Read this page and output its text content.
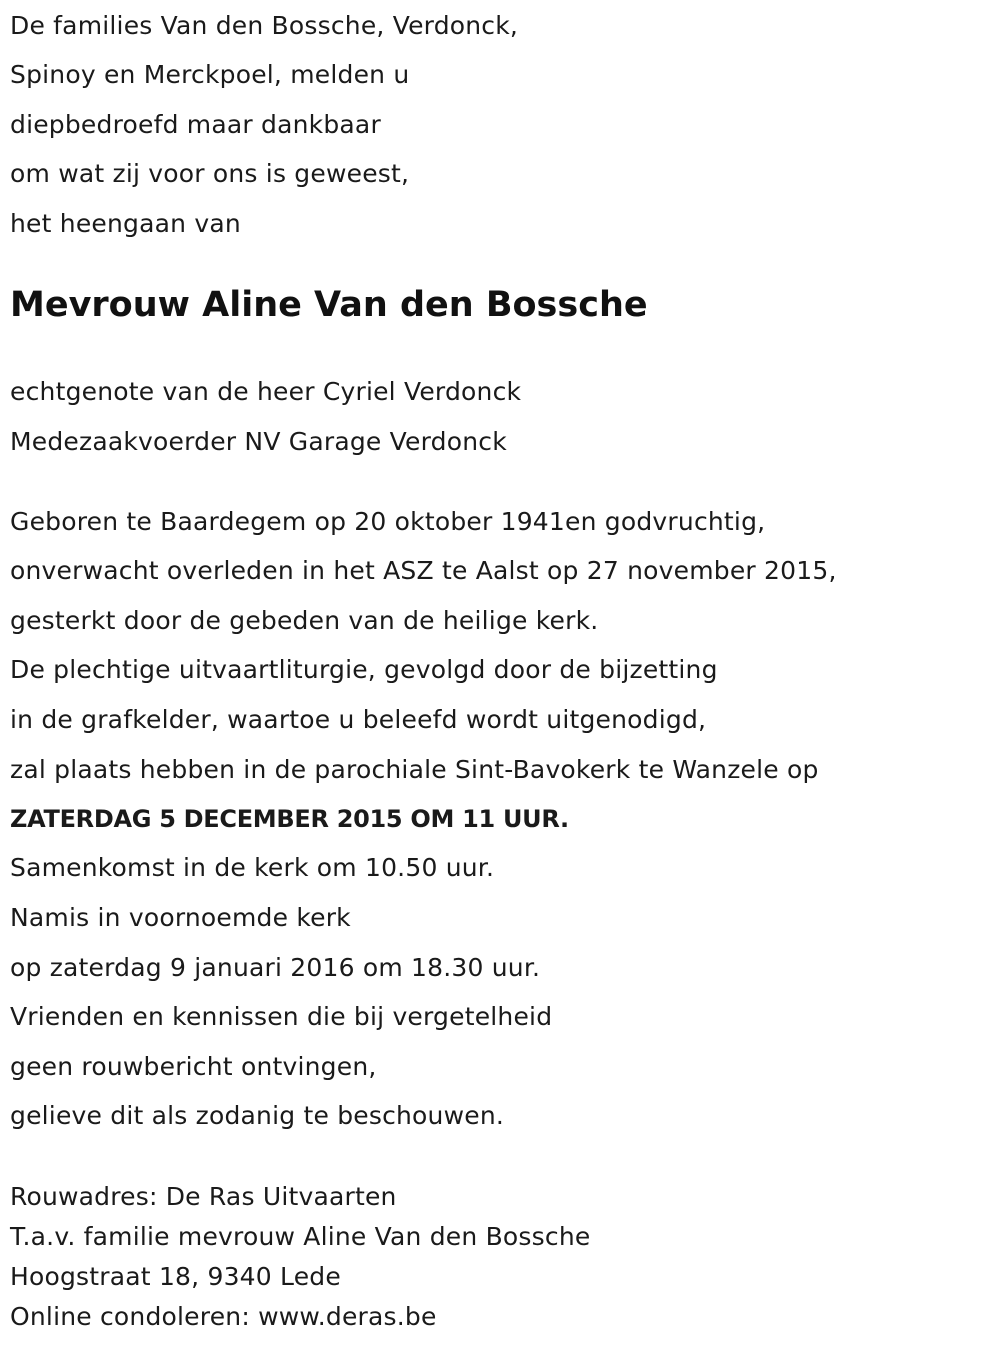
De families Van den Bossche, Verdonck,
Spinoy en Merckpoel, melden u
diepbedroefd maar dankbaar
om wat zij voor ons is geweest,
het heengaan van
Mevrouw Aline Van den Bossche
echtgenote van de heer Cyriel Verdonck
Medezaakvoerder NV Garage Verdonck
Geboren te Baardegem op 20 oktober 1941en godvruchtig,
onverwacht overleden in het ASZ te Aalst op 27 november 2015,
gesterkt door de gebeden van de heilige kerk.
De plechtige uitvaartliturgie, gevolgd door de bijzetting
in de grafkelder, waartoe u beleefd wordt uitgenodigd,
zal plaats hebben in de parochiale Sint-Bavokerk te Wanzele op
ZATERDAG 5 DECEMBER 2015 OM 11 UUR.
Samenkomst in de kerk om 10.50 uur.
Namis in voornoemde kerk
op zaterdag 9 januari 2016 om 18.30 uur.
Vrienden en kennissen die bij vergetelheid
geen rouwbericht ontvingen,
gelieve dit als zodanig te beschouwen.
Rouwadres: De Ras Uitvaarten
T.a.v. familie mevrouw Aline Van den Bossche
Hoogstraat 18, 9340 Lede
Online condoleren: www.deras.be
